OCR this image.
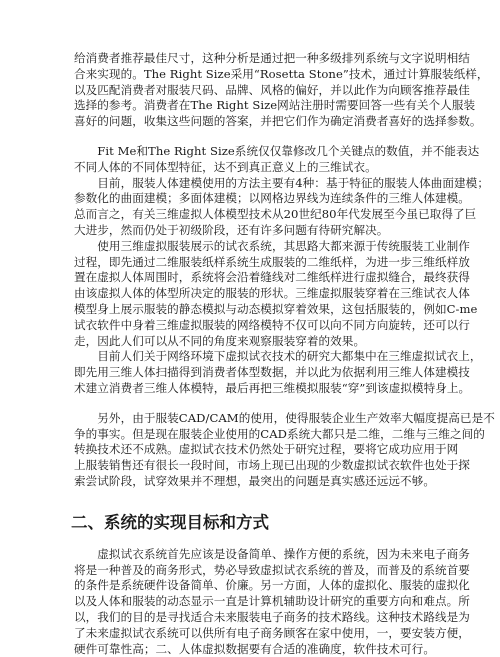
给消费者推荐最佳尺寸，这种分析是通过把一种多级排列系统与文字说明相结

合来实现的。The Right Size采用“Rosetta Stone”技术，通过计算服装纸样，

以及匹配消费者对服装尺码、品牌、风格的偏好，并以此作为向顾客推荐最佳

选择的参考。消费者在The Right Size网站注册时需要回答一些有关个人服装

喜好的问题，收集这些问题的答案，并把它们作为确定消费者喜好的选择参数。

　　Fit Me和The Right Size系统仅仅靠修改几个关键点的数值，并不能表达

不同人体的不同体型特征，达不到真正意义上的三维试衣。

　　目前，服装人体建模使用的方法主要有4种：基于特征的服装人体曲面建模；

参数化的曲面建模；多面体建模；以网格边界线为连续条件的三维人体建模。

总而言之，有关三维虚拟人体模型技术从20世纪80年代发展至今虽已取得了巨

大进步，然而仍处于初级阶段，还有许多问题有待研究解决。

　　使用三维虚拟服装展示的试衣系统，其思路大都来源于传统服装工业制作

过程，即先通过二维服装纸样系统生成服装的二维纸样，为进一步三维纸样放

置在虚拟人体周围时，系统将会沿着缝线对二维纸样进行虚拟缝合，最终获得

由该虚拟人体的体型所决定的服装的形状。三维虚拟服装穿着在三维试衣人体

模型身上展示服装的静态模拟与动态模拟穿着效果，这包括服装的，例如C-me

试衣软件中身着三维虚拟服装的网络模特不仅可以向不同方向旋转，还可以行

走，因此人们可以从不同的角度来观察服装穿着的效果。

　　目前人们关于网络环境下虚拟试衣技术的研究大都集中在三维虚拟试衣上，

即先用三维人体扫描得到消费者体型数据，并以此为依据利用三维人体建模技

术建立消费者三维人体模特，最后再把三维模拟服装“穿”到该虚拟模特身上。

　　另外，由于服装CAD/CAM的使用，使得服装企业生产效率大幅度提高已是不

争的事实。但是现在服装企业使用的CAD系统大都只是二维，二维与三维之间的

转换技术还不成熟。虚拟试衣技术仍然处于研究过程，要将它成功应用于网

上服装销售还有很长一段时间，市场上现已出现的少数虚拟试衣软件也处于探

索尝试阶段，试穿效果并不理想，最突出的问题是真实感还远远不够。

二、系统的实现目标和方式

　　虚拟试衣系统首先应该是设备简单、操作方便的系统，因为未来电子商务

将是一种普及的商务形式，势必导致虚拟试衣系统的普及，而普及的系统首要

的条件是系统硬件设备简单、价廉。另一方面，人体的虚拟化、服装的虚拟化

以及人体和服装的动态显示一直是计算机辅助设计研究的重要方向和难点。所

以，我们的目的是寻找适合未来服装电子商务的技术路线。这种技术路线是为

了未来虚拟试衣系统可以供所有电子商务顾客在家中使用，一，要安装方便，

硬件可靠性高；二、人体虚拟数据要有合适的准确度，软件技术可行。
